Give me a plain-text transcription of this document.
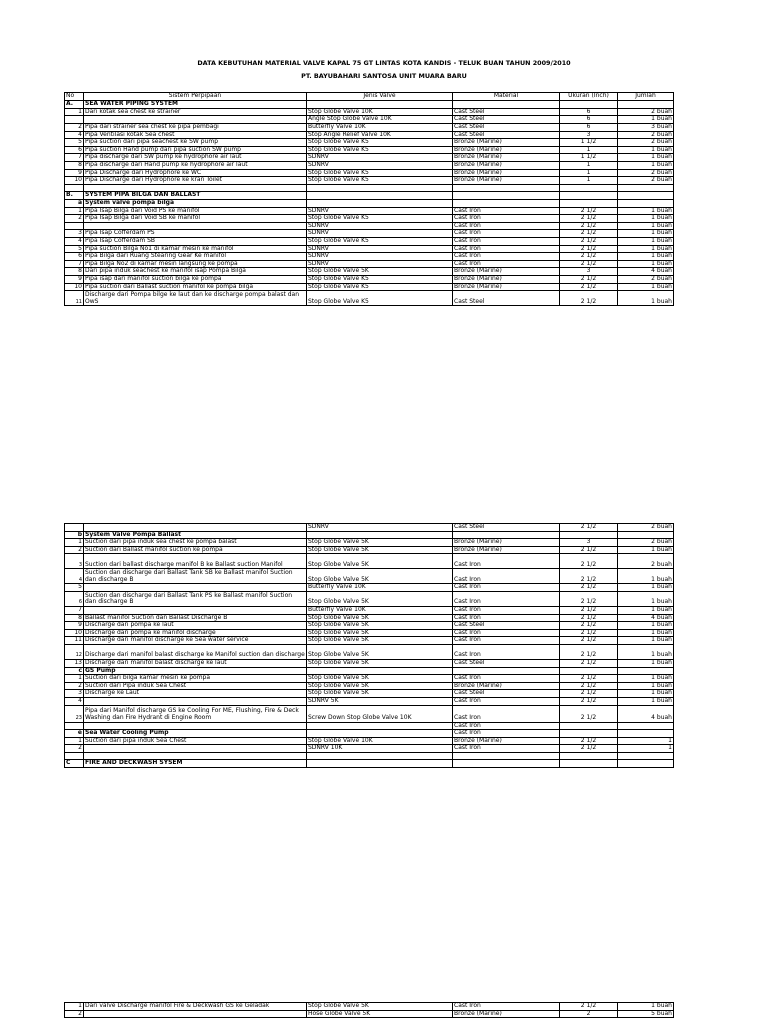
DATA KEBUTUHAN MATERIAL VALVE KAPAL 75 GT LINTAS KOTA KANDIS - TELUK BUAN TAHUN 2009/2010
PT. BAYUBAHARI SANTOSA UNIT MUARA BARU
No	Sistem Perpipaan	Jenis Valve	Material	Ukuran (Inch)	Jumlah
A.	SEA WATER PIPING SYSTEM				
1	Dari kotak sea chest ke strainer	Stop Globe Valve 10K	Cast Steel	6	2 buah
		Angle Stop Globe Valve 10K	Cast Steel	6	1 buah
2	Pipa dari strainer sea chest ke pipa pembagi	Butterfly Valve 10K	Cast Steel	6	3 buah
4	Pipa Ventilasi kotak Sea chest	Stop Angle Relief Valve 10K	Cast Steel	3	2 buah
5	Pipa suction dari pipa seachest ke SW pump	Stop Globe Valve K5	Bronze (Marine)	1 1/2	2 buah
6	Pipa suction Hand pump dari pipa suction SW pump	Stop Globe Valve K5	Bronze (Marine)	1	1 buah
7	Pipa discharge dari SW pump ke hydrophore air laut	SDNRV	Bronze (Marine)	1 1/2	1 buah
8	Pipa discharge dari Hand pump ke hydrophore air laut	SDNRV	Bronze (Marine)	1	1 buah
9	Pipa Discharge dari Hydrophore ke WC	Stop Globe Valve K5	Bronze (Marine)	1	2 buah
10	Pipa Discharge dari Hydrophore ke kran Toilet	Stop Globe Valve K5	Bronze (Marine)	1	2 buah

B.	SYSTEM PIPA BILGA DAN BALLAST				
a	System valve pompa bilga				
1	Pipa Isap Bilga dari Void PS ke manifol	SDNRV	Cast Iron	2 1/2	1 buah
2	Pipa Isap Bilga dari Void SB ke manifol	Stop Globe Valve K5	Cast Iron	2 1/2	1 buah
		SDNRV	Cast Iron	2 1/2	1 buah
3	Pipa Isap Cofferdam PS	SDNRV	Cast Iron	2 1/2	1 buah
4	Pipa Isap Cofferdam SB	Stop Globe Valve K5	Cast Iron	2 1/2	1 buah
5	Pipa suction Bilga No1 di kamar mesin ke manifol	SDNRV	Cast Iron	2 1/2	1 buah
6	Pipa Bilga dari Ruang Stearing Gear Ke manifol	SDNRV	Cast Iron	2 1/2	1 buah
7	Pipa Bilga No2 di kamar mesin langsung ke pompa	SDNRV	Cast Iron	2 1/2	1 buah
8	Dari pipa induk seachest ke manifol isap Pompa Bilga	Stop Globe Valve 5K	Bronze (Marine)	3	4 buah
9	Pipa isap dari manifol suction bilga ke pompa	Stop Globe Valve K5	Bronze (Marine)	2 1/2	2 buah
10	Pipa suction dari Ballast suction manifol ke pompa bilga	Stop Globe Valve K5	Bronze (Marine)	2 1/2	1 buah
11	Discharge dari Pompa bilge ke laut dan ke discharge pompa balast dan OwS	Stop Globe Valve K5	Cast Steel	2 1/2	1 buah
		SDNRV	Cast Steel	2 1/2	2 buah
b	System Valve Pompa Ballast				
1	Suction dari pipa induk sea chest ke pompa balast	Stop Globe Valve 5K	Bronze (Marine)	3	2 buah
2	Suction dari Ballast manifol suction ke pompa	Stop Globe Valve 5K	Bronze (Marine)	2 1/2	1 buah
3	Suction dari ballast discharge manifol B ke Ballast suction Manifol	Stop Globe Valve 5K	Cast Iron	2 1/2	2 buah
4	Suction dan discharge dari Ballast Tank SB ke Ballast manifol Suction dan discharge B	Stop Globe Valve 5K	Cast Iron	2 1/2	1 buah
5		Butterfly Valve 10K	Cast Iron	2 1/2	1 buah
6	Suction dan discharge dari Ballast Tank PS ke Ballast manifol Suction dan discharge B	Stop Globe Valve 5K	Cast Iron	2 1/2	1 buah
7		Butterfly Valve 10K	Cast Iron	2 1/2	1 buah
8	Ballast manifol Suction dan Ballast Discharge B	Stop Globe Valve 5K	Cast Iron	2 1/2	4 buah
9	Discharge dari pompa ke laut	Stop Globe Valve 5K	Cast Steel	2 1/2	1 buah
10	Discharge dari pompa ke manifol discharge	Stop Globe Valve 5K	Cast Iron	2 1/2	1 buah
11	Discharge dari manifol discharge ke Sea water service	Stop Globe Valve 5K	Cast Iron	2 1/2	1 buah
12	Discharge dari manifol balast discharge ke Manifol suction dan discharge	Stop Globe Valve 5K	Cast Iron	2 1/2	1 buah
13	Discharge dari manifol balast discharge ke laut	Stop Globe Valve 5K	Cast Steel	2 1/2	1 buah
c	GS Pump				
1	Suction dari bilga kamar mesin ke pompa	Stop Globe Valve 5K	Cast Iron	2 1/2	1 buah
2	Suction dari Pipa induk Sea Chest	Stop Globe Valve 5K	Bronze (Marine)	2 1/2	1 buah
3	Discharge ke Laut	Stop Globe Valve 5K	Cast Steel	2 1/2	1 buah
4		SDNRV 5K	Cast Iron	2 1/2	1 buah
23	Pipa dari Manifol discharge GS ke Cooling For ME, Flushing, Fire & Deck Washing dan Fire Hydrant di Engine Room	Screw Down Stop Globe Valve 10K	Cast Iron	2 1/2	4 buah
			Cast Iron		
e	Sea Water Cooling Pump		Cast Iron		
1	Suction dari pipa induk Sea Chest	Stop Globe Valve 10K	Bronze (Marine)	2 1/2	1
2		SDNRV 10K	Cast Iron	2 1/2	1

C	FIRE AND DECKWASH SYSEM				
1	Dari valve Discharge manifol Fire & Deckwash GS ke Geladak	Stop Globe Valve 5K	Cast Iron	2 1/2	1 buah
2		Hose Globe Valve 5K	Bronze (Marine)	2	5 buah
